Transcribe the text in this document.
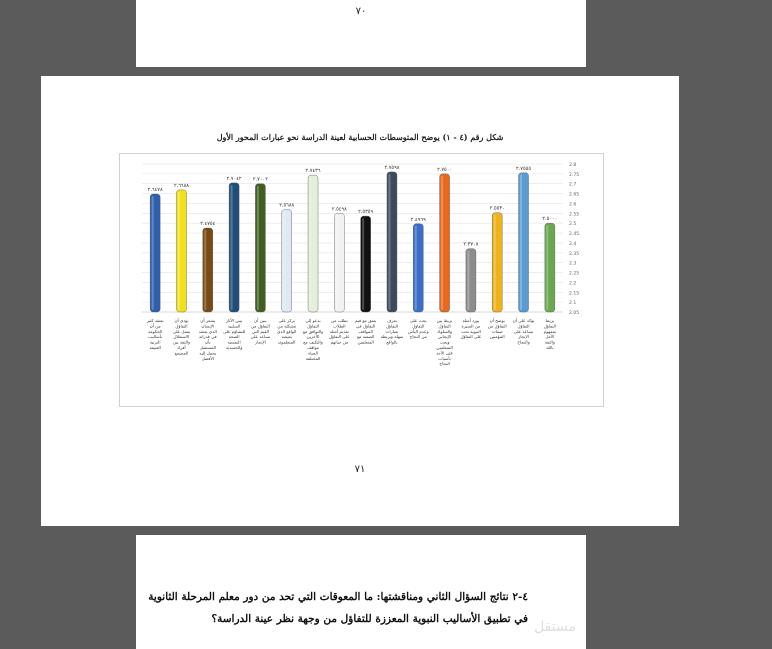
٧٠
شكل رقم (٤ - ١) يوضح المتوسطات الحسابية لعينة الدراسة نحو عبارات المحور الأول
2.05
2.1
2.15
2.2
2.25
2.3
2.35
2.4
2.45
2.5
2.55
2.6
2.65
2.7
2.75
2.8
٢.٦٤٧٨
يعتقد كثير من أن الحكومة بأساليب التربية العنيفة
٢.٦٦٨٨
يؤدي أن التفاؤل يعمل على الاستقلال والثقة بين أفراد المجتمع
٢.٤٧٥٤
يشعر أن الإنسان الذي يعتقد في قدراته بأن المستقبل يحمل إليه الأفضل
٢.٧٠٤٢
يبين الآثار السلبية للتشاؤم على الصحة النفسية والجسدية
٢.٧٠٠٢
يبين أن التفاؤل من القيم التي تساعد على الإنجاز
٢.٥٦٨٨
يركز على مشكلة من الواقع الذي يعيشه المتعلمون
٢.٧٤٣٦
يدعو إلى التفاؤل والتوافق مع الآخرين والتكيف مع مواقف الحياة المختلفة
٢.٥٤٩٨
يطلب من الطلاب تقديم أمثلة على التفاؤل من حياتهم
٢.٥٣٥٩
يتفق مع قيم التفاؤل في المواقف الصعبة مع المتعلمين
٢.٧٥٩٨
يعرف التفاؤل بعبارات سهلة ويربطه بالواقع
٢.٤٩٦٩
يحث على التفاؤل وعدم اليأس من النجاح
٢.٧٥٠٠
يربط بين التفاؤل والسلوك الإيجابي ويحث المتعلمين على الأخذ بأسباب النجاح
٢.٣٧٠٨
يورد أمثلة من السيرة النبوية تحث على التفاؤل
٢.٥٥٣٠
يوضح أن التفاؤل من صفات المؤمنين
٢.٧٥٥٥
يؤكد على أن التفاؤل يساعد على الإنجاز والنجاح
٢.٥٠٠٠
يربط التفاؤل بمفهوم الأمل والثقة بالله
٧١
٤-٢ نتائج السؤال الثاني ومناقشتها: ما المعوقات التي تحد من دور معلم المرحلة الثانوية
في تطبيق الأساليب النبوية المعززة للتفاؤل من وجهة نظر عينة الدراسة؟ مستقل
